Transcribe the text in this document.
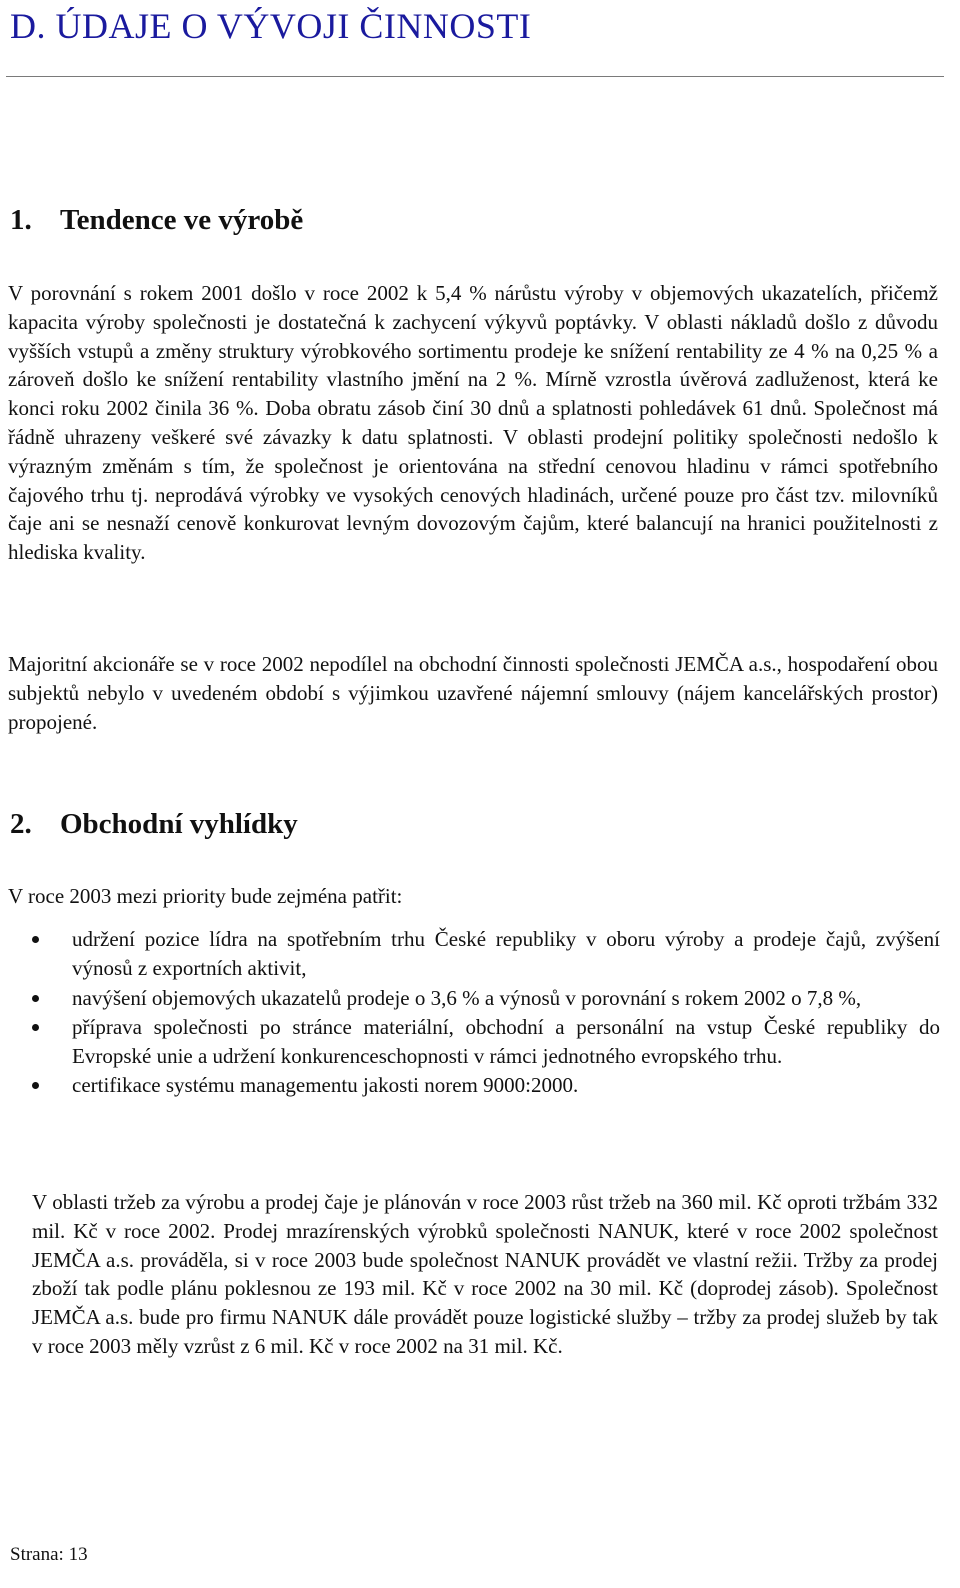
D. ÚDAJE O VÝVOJI ČINNOSTI
1. Tendence ve výrobě

V porovnání s rokem 2001 došlo v roce 2002 k 5,4 % nárůstu výroby v objemových ukazatelích, přičemž kapacita výroby společnosti je dostatečná k zachycení výkyvů poptávky. V oblasti nákladů došlo z důvodu vyšších vstupů a změny struktury výrobkového sortimentu prodeje ke snížení rentability ze 4 % na 0,25 % a zároveň došlo ke snížení rentability vlastního jmění na 2 %. Mírně vzrostla úvěrová zadluženost, která ke konci roku 2002 činila 36 %. Doba obratu zásob činí 30 dnů a splatnosti pohledávek 61 dnů. Společnost má řádně uhrazeny veškeré své závazky k datu splatnosti. V oblasti prodejní politiky společnosti nedošlo k výrazným změnám s tím, že společnost je orientována na střední cenovou hladinu v rámci spotřebního čajového trhu tj. neprodává výrobky ve vysokých cenových hladinách, určené pouze pro část tzv. milovníků čaje ani se nesnaží cenově konkurovat levným dovozovým čajům, které balancují na hranici použitelnosti z hlediska kvality.

Majoritní akcionáře se v roce 2002 nepodílel na obchodní činnosti společnosti JEMČA a.s., hospodaření obou subjektů nebylo v uvedeném období s výjimkou uzavřené nájemní smlouvy (nájem kancelářských prostor) propojené.

2. Obchodní vyhlídky

V roce 2003 mezi priority bude zejména patřit:

udržení pozice lídra na spotřebním trhu České republiky v oboru výroby a prodeje čajů, zvýšení výnosů z exportních aktivit,
navýšení objemových ukazatelů prodeje o 3,6 % a výnosů v porovnání s rokem 2002 o 7,8 %,
příprava společnosti po stránce materiální, obchodní a personální na vstup České republiky do Evropské unie a udržení konkurenceschopnosti v rámci jednotného evropského trhu.
certifikace systému managementu jakosti norem 9000:2000.

V oblasti tržeb za výrobu a prodej čaje je plánován v roce 2003 růst tržeb na 360 mil. Kč oproti tržbám 332 mil. Kč v roce 2002. Prodej mrazírenských výrobků společnosti NANUK, které v roce 2002 společnost JEMČA a.s. prováděla, si v roce 2003 bude společnost NANUK provádět ve vlastní režii. Tržby za prodej zboží tak podle plánu poklesnou ze 193 mil. Kč v roce 2002 na 30 mil. Kč (doprodej zásob). Společnost JEMČA a.s. bude pro firmu NANUK dále provádět pouze logistické služby – tržby za prodej služeb by tak v roce 2003 měly vzrůst z 6 mil. Kč v roce 2002 na 31 mil. Kč.

Strana: 13
